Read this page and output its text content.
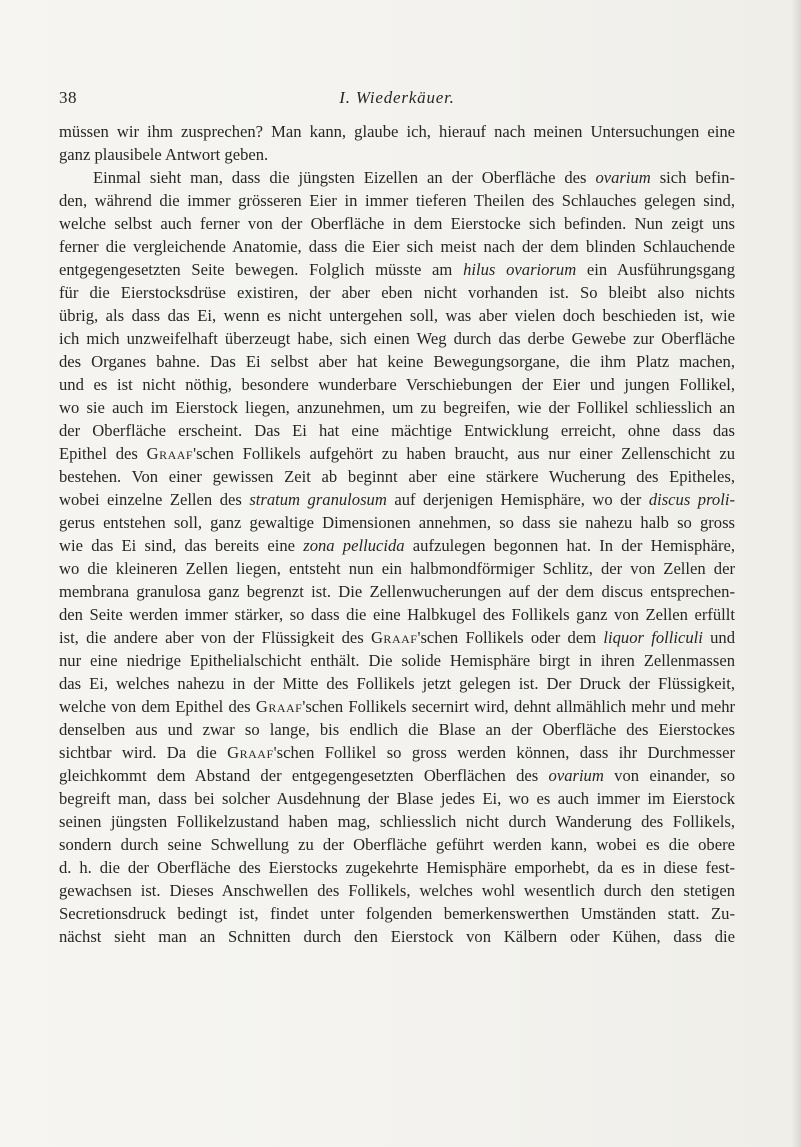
38	I. Wiederkäuer.

müssen wir ihm zusprechen? Man kann, glaube ich, hierauf nach meinen Untersuchungen eine

ganz plausibele Antwort geben.

Einmal sieht man, dass die jüngsten Eizellen an der Oberfläche des ovarium sich befin-

den, während die immer grösseren Eier in immer tieferen Theilen des Schlauches gelegen sind,

welche selbst auch ferner von der Oberfläche in dem Eierstocke sich befinden. Nun zeigt uns

ferner die vergleichende Anatomie, dass die Eier sich meist nach der dem blinden Schlauchende

entgegengesetzten Seite bewegen. Folglich müsste am hilus ovariorum ein Ausführungsgang

für die Eierstocksdrüse existiren, der aber eben nicht vorhanden ist. So bleibt also nichts

übrig, als dass das Ei, wenn es nicht untergehen soll, was aber vielen doch beschieden ist, wie

ich mich unzweifelhaft überzeugt habe, sich einen Weg durch das derbe Gewebe zur Oberfläche

des Organes bahne. Das Ei selbst aber hat keine Bewegungsorgane, die ihm Platz machen,

und es ist nicht nöthig, besondere wunderbare Verschiebungen der Eier und jungen Follikel,

wo sie auch im Eierstock liegen, anzunehmen, um zu begreifen, wie der Follikel schliesslich an

der Oberfläche erscheint. Das Ei hat eine mächtige Entwicklung erreicht, ohne dass das

Epithel des Graaf'schen Follikels aufgehört zu haben braucht, aus nur einer Zellenschicht zu

bestehen. Von einer gewissen Zeit ab beginnt aber eine stärkere Wucherung des Epitheles,

wobei einzelne Zellen des stratum granulosum auf derjenigen Hemisphäre, wo der discus proli-

gerus entstehen soll, ganz gewaltige Dimensionen annehmen, so dass sie nahezu halb so gross

wie das Ei sind, das bereits eine zona pellucida aufzulegen begonnen hat. In der Hemisphäre,

wo die kleineren Zellen liegen, entsteht nun ein halbmondförmiger Schlitz, der von Zellen der

membrana granulosa ganz begrenzt ist. Die Zellenwucherungen auf der dem discus entsprechen-

den Seite werden immer stärker, so dass die eine Halbkugel des Follikels ganz von Zellen erfüllt

ist, die andere aber von der Flüssigkeit des Graaf'schen Follikels oder dem liquor folliculi und

nur eine niedrige Epithelialschicht enthält. Die solide Hemisphäre birgt in ihren Zellenmassen

das Ei, welches nahezu in der Mitte des Follikels jetzt gelegen ist. Der Druck der Flüssigkeit,

welche von dem Epithel des Graaf'schen Follikels secernirt wird, dehnt allmählich mehr und mehr

denselben aus und zwar so lange, bis endlich die Blase an der Oberfläche des Eierstockes

sichtbar wird. Da die Graaf'schen Follikel so gross werden können, dass ihr Durchmesser

gleichkommt dem Abstand der entgegengesetzten Oberflächen des ovarium von einander, so

begreift man, dass bei solcher Ausdehnung der Blase jedes Ei, wo es auch immer im Eierstock

seinen jüngsten Follikelzustand haben mag, schliesslich nicht durch Wanderung des Follikels,

sondern durch seine Schwellung zu der Oberfläche geführt werden kann, wobei es die obere

d. h. die der Oberfläche des Eierstocks zugekehrte Hemisphäre emporhebt, da es in diese fest-

gewachsen ist. Dieses Anschwellen des Follikels, welches wohl wesentlich durch den stetigen

Secretionsdruck bedingt ist, findet unter folgenden bemerkenswerthen Umständen statt. Zu-

nächst sieht man an Schnitten durch den Eierstock von Kälbern oder Kühen, dass die
